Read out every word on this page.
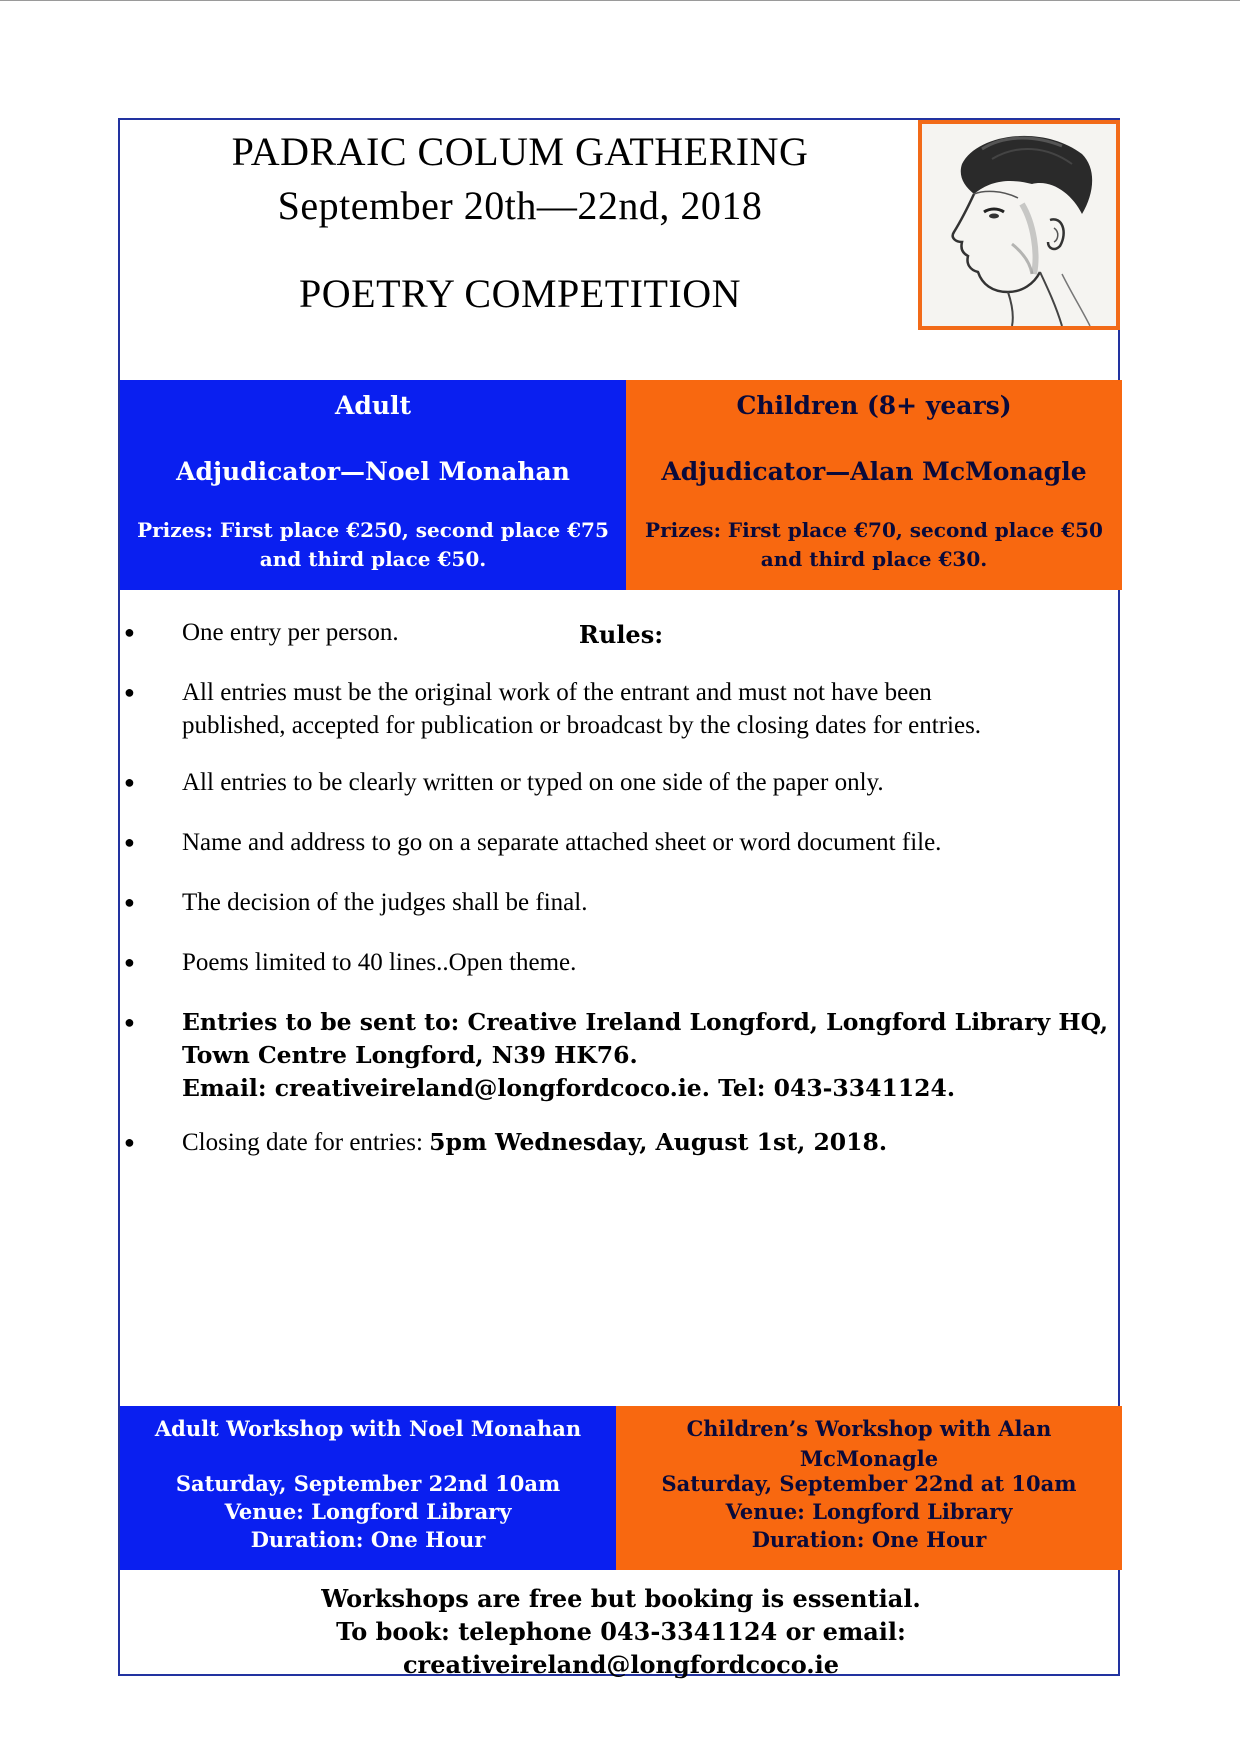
PADRAIC COLUM GATHERING
September 20th—22nd, 2018
POETRY COMPETITION
Adult
Adjudicator—Noel Monahan
Prizes: First place €250, second place €75
and third place €50.
Children (8+ years)
Adjudicator—Alan McMonagle
Prizes: First place €70, second place €50
and third place €30.
Rules:
● One entry per person.
● All entries must be the original work of the entrant and must not have been
published, accepted for publication or broadcast by the closing dates for entries.
● All entries to be clearly written or typed on one side of the paper only.
● Name and address to go on a separate attached sheet or word document file.
● The decision of the judges shall be final.
● Poems limited to 40 lines..Open theme.
● Entries to be sent to: Creative Ireland Longford, Longford Library HQ,
Town Centre Longford, N39 HK76.
Email: creativeireland@longfordcoco.ie. Tel: 043-3341124.
● Closing date for entries: 5pm Wednesday, August 1st, 2018.
Adult Workshop with Noel Monahan
Saturday, September 22nd 10am
Venue: Longford Library
Duration: One Hour
Children’s Workshop with Alan McMonagle
Saturday, September 22nd at 10am
Venue: Longford Library
Duration: One Hour
Workshops are free but booking is essential.
To book: telephone 043-3341124 or email: creativeireland@longfordcoco.ie
